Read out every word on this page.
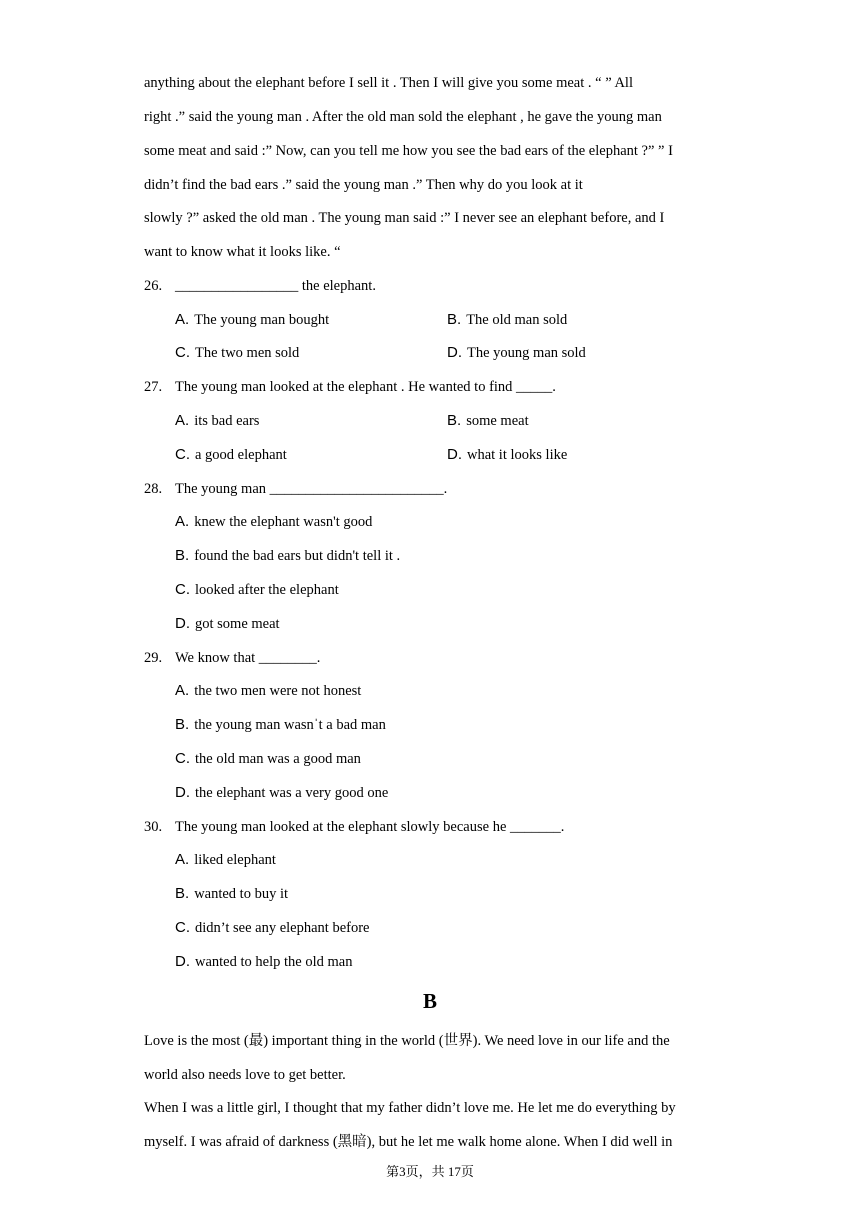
anything about the elephant before I sell it . Then I will give you some meat . “ ” All
right .” said the young man . After the old man sold the elephant , he gave the young man
some meat and said :” Now, can you tell me how you see the bad ears of the elephant ?” ” I
didn’t find the bad ears .” said the young man .” Then why do you look at it
slowly ?” asked the old man . The young man said :” I never see an elephant before, and I
want to know what it looks like. “
26. _________________ the elephant.
A. The young man bought	B. The old man sold
C. The two men sold	D. The young man sold
27. The young man looked at the elephant . He wanted to find _____.
A. its bad ears	B. some meat
C. a good elephant	D. what it looks like
28. The young man ________________________.
A. knew the elephant wasn't good
B. found the bad ears but didn't tell it .
C. looked after the elephant
D. got some meat
29. We know that ________.
A. the two men were not honest
B. the young man wasnˈt a bad man
C. the old man was a good man
D. the elephant was a very good one
30. The young man looked at the elephant slowly because he _______.
A. liked elephant
B. wanted to buy it
C. didn’t see any elephant before
D. wanted to help the old man
B
Love is the most (最) important thing in the world (世界). We need love in our life and the
world also needs love to get better.
When I was a little girl, I thought that my father didn’t love me. He let me do everything by
myself. I was afraid of darkness (黑暗), but he let me walk home alone. When I did well in
第3页，共 17页
